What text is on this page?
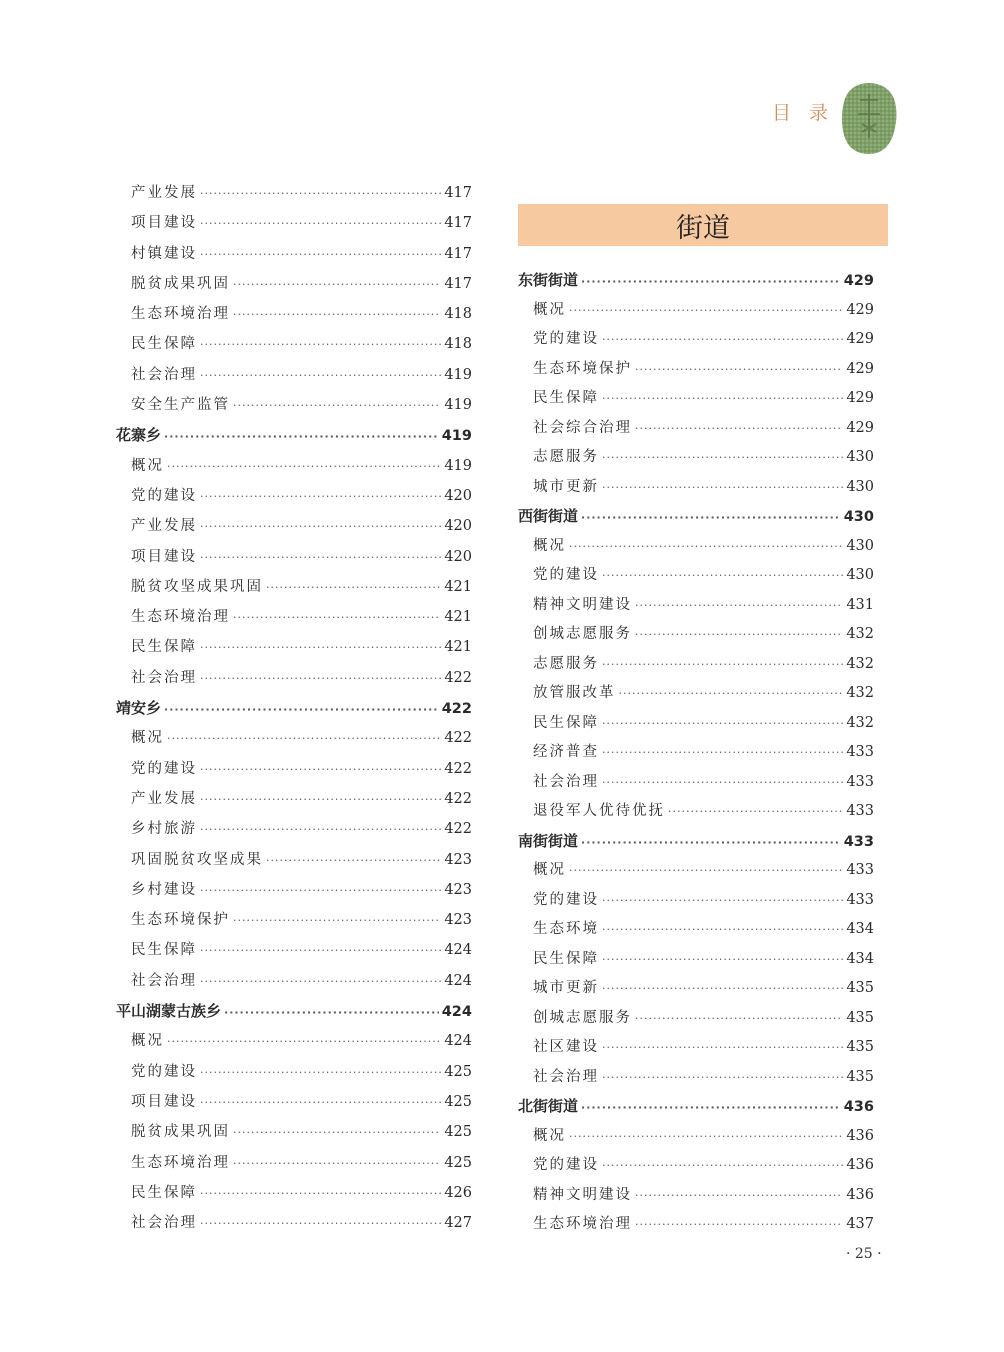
目 录
产业发展 ·····	417
项目建设 ·····	417
村镇建设 ·····	417
脱贫成果巩固 ·····	417
生态环境治理 ·····	418
民生保障 ·····	418
社会治理 ·····	419
安全生产监管 ·····	419
花寨乡 ·····	419
概况 ·····	419
党的建设 ·····	420
产业发展 ·····	420
项目建设 ·····	420
脱贫攻坚成果巩固 ·····	421
生态环境治理 ·····	421
民生保障 ·····	421
社会治理 ·····	422
靖安乡 ·····	422
概况 ·····	422
党的建设 ·····	422
产业发展 ·····	422
乡村旅游 ·····	422
巩固脱贫攻坚成果 ·····	423
乡村建设 ·····	423
生态环境保护 ·····	423
民生保障 ·····	424
社会治理 ·····	424
平山湖蒙古族乡 ·····	424
概况 ·····	424
党的建设 ·····	425
项目建设 ·····	425
脱贫成果巩固 ·····	425
生态环境治理 ·····	425
民生保障 ·····	426
社会治理 ·····	427
街道
东街街道 ·····	429
概况 ·····	429
党的建设 ·····	429
生态环境保护 ·····	429
民生保障 ·····	429
社会综合治理 ·····	429
志愿服务 ·····	430
城市更新 ·····	430
西街街道 ·····	430
概况 ·····	430
党的建设 ·····	430
精神文明建设 ·····	431
创城志愿服务 ·····	432
志愿服务 ·····	432
放管服改革 ·····	432
民生保障 ·····	432
经济普查 ·····	433
社会治理 ·····	433
退役军人优待优抚 ·····	433
南街街道 ·····	433
概况 ·····	433
党的建设 ·····	433
生态环境 ·····	434
民生保障 ·····	434
城市更新 ·····	435
创城志愿服务 ·····	435
社区建设 ·····	435
社会治理 ·····	435
北街街道 ·····	436
概况 ·····	436
党的建设 ·····	436
精神文明建设 ·····	436
生态环境治理 ·····	437
· 25 ·
